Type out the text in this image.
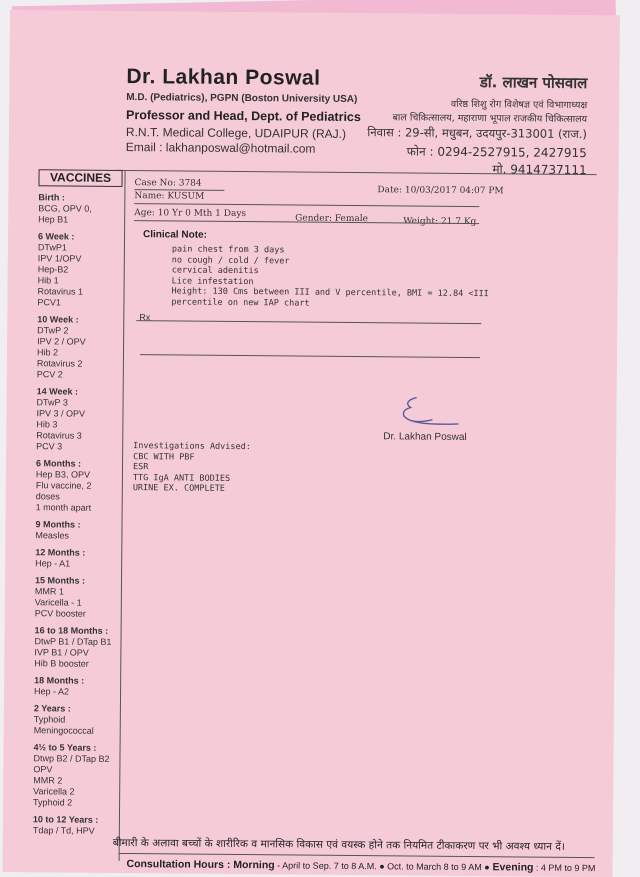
Dr. Lakhan Poswal
M.D. (Pediatrics), PGPN (Boston University USA)
Professor and Head, Dept. of Pediatrics
R.N.T. Medical College, UDAIPUR (RAJ.)
Email : lakhanposwal@hotmail.com
डॉ. लाखन पोसवाल
वरिष्ठ शिशु रोग विशेषज्ञ एवं विभागाध्यक्ष
बाल चिकित्सालय, महाराणा भूपाल राजकीय चिकित्सालय
निवास : 29-सी, मधुबन, उदयपुर-313001 (राज.)
फोन : 0294-2527915, 2427915
मो. 9414737111
VACCINES
Birth :
BCG, OPV 0,
Hep B1
6 Week :
DTwP1
IPV 1/OPV
Hep-B2
Hib 1
Rotavirus 1
PCV1
10 Week :
DTwP 2
IPV 2 / OPV
Hib 2
Rotavirus 2
PCV 2
14 Week :
DTwP 3
IPV 3 / OPV
Hib 3
Rotavirus 3
PCV 3
6 Months :
Hep B3, OPV
Flu vaccine, 2 doses
1 month apart
9 Months :
Measles
12 Months :
Hep - A1
15 Months :
MMR 1
Varicella - 1
PCV booster
16 to 18 Months :
DtwP B1 / DTap B1
IVP B1 / OPV
Hib B booster
18 Months :
Hep - A2
2 Years :
Typhoid
Meningococcal
4½ to 5 Years :
Dtwp B2 / DTap B2
OPV
MMR 2
Varicella 2
Typhoid 2
10 to 12 Years :
Tdap / Td, HPV
Case No: 3784
Date: 10/03/2017 04:07 PM
Name: KUSUM
Age: 10 Yr 0 Mth 1 Days	Gender: Female	Weight: 21.7 Kg
Clinical Note:
pain chest from 3 days
no cough / cold / fever
cervical adenitis
Lice infestation
Height: 130 Cms between III and V percentile, BMI = 12.84 <III
percentile on new IAP chart
Rx
Dr. Lakhan Poswal
Investigations Advised:
CBC WITH PBF
ESR
TTG IgA ANTI BODIES
URINE EX. COMPLETE
बीमारी के अलावा बच्चों के शारीरिक व मानसिक विकास एवं वयस्क होने तक नियमित टीकाकरण पर भी अवश्य ध्यान दें।
Consultation Hours : Morning - April to Sep. 7 to 8 A.M. ● Oct. to March 8 to 9 AM ● Evening : 4 PM to 9 PM
